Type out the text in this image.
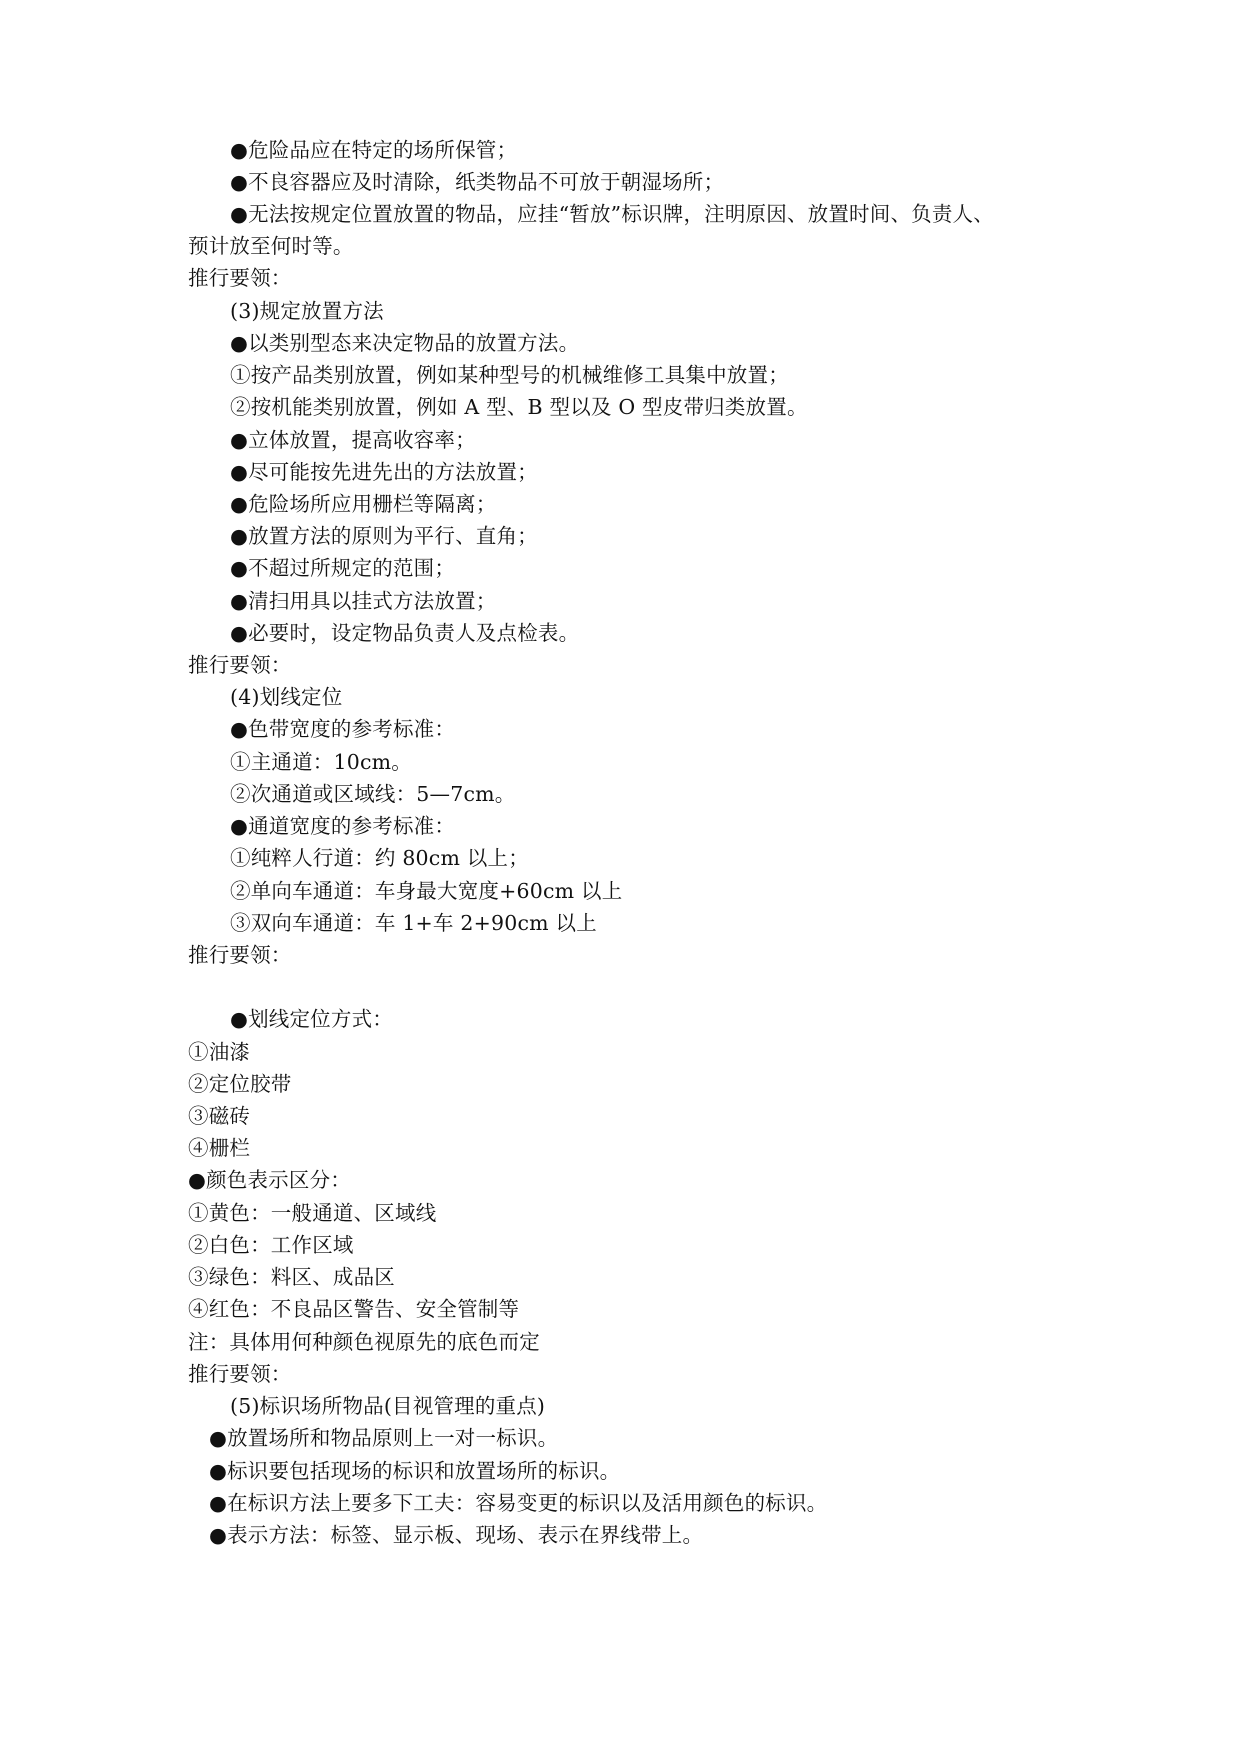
●危险品应在特定的场所保管；
●不良容器应及时清除，纸类物品不可放于朝湿场所；
●无法按规定位置放置的物品，应挂“暂放”标识牌，注明原因、放置时间、负责人、
预计放至何时等。
推行要领：
(3)规定放置方法
●以类别型态来决定物品的放置方法。
①按产品类别放置，例如某种型号的机械维修工具集中放置；
②按机能类别放置，例如 A 型、B 型以及 O 型皮带归类放置。
●立体放置，提高收容率；
●尽可能按先进先出的方法放置；
●危险场所应用栅栏等隔离；
●放置方法的原则为平行、直角；
●不超过所规定的范围；
●清扫用具以挂式方法放置；
●必要时，设定物品负责人及点检表。
推行要领：
(4)划线定位
●色带宽度的参考标准：
①主通道：10cm。
②次通道或区域线：5—7cm。
●通道宽度的参考标准：
①纯粹人行道：约 80cm 以上；
②单向车通道：车身最大宽度+60cm 以上
③双向车通道：车 1+车 2+90cm 以上
推行要领：
●划线定位方式：
①油漆
②定位胶带
③磁砖
④栅栏
●颜色表示区分：
①黄色：一般通道、区域线
②白色：工作区域
③绿色：料区、成品区
④红色：不良品区警告、安全管制等
注：具体用何种颜色视原先的底色而定
推行要领：
(5)标识场所物品(目视管理的重点)
●放置场所和物品原则上一对一标识。
●标识要包括现场的标识和放置场所的标识。
●在标识方法上要多下工夫：容易变更的标识以及活用颜色的标识。
●表示方法：标签、显示板、现场、表示在界线带上。
